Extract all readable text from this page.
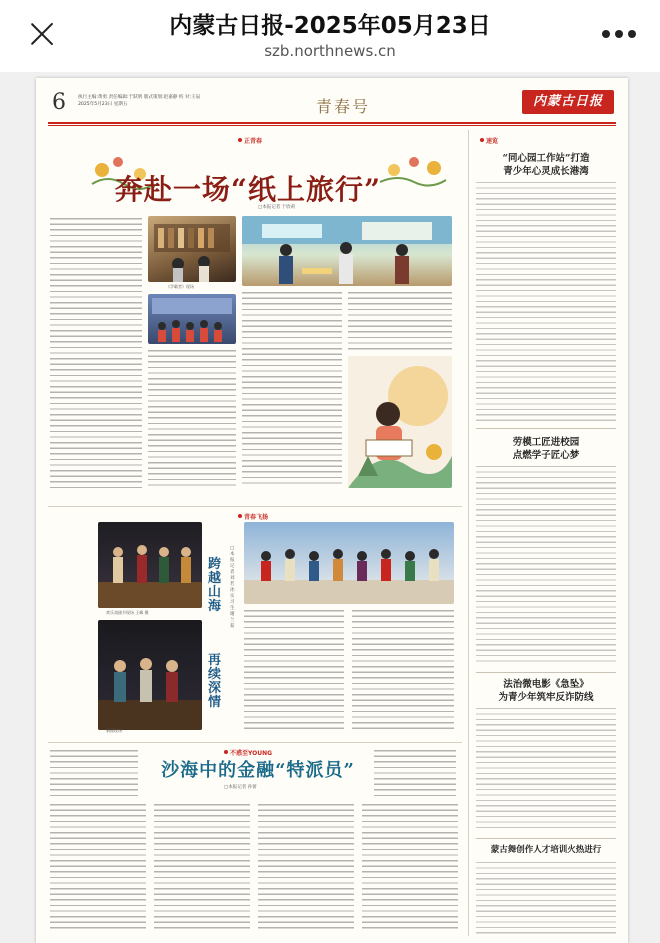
内蒙古日报-2025年05月23日
szb.northnews.cn
6	执行主编:黄勇 责任编辑:于跃明 版式策划:赵嘉静 校 对:王辰
2025年5月23日 星期五	青春号	内蒙古日报
正青春
奔赴一场“纸上旅行”
□本报记者 于欣莉
《学霸者》现场
青春飞扬
欢乐戏剧节现场 王峰 摄
新剧现场
跨越山海
再续深情
□本报记者 刘若冰 实习生 谢兰茹
不惑至YOUNG
沙海中的金融“特派员”
□本报记者 孙蕾
速览
“同心园工作站”打造
青少年心灵成长港湾
劳模工匠进校园
点燃学子匠心梦
法治微电影《急坠》
为青少年筑牢反诈防线
蒙古舞创作人才培训火热进行
